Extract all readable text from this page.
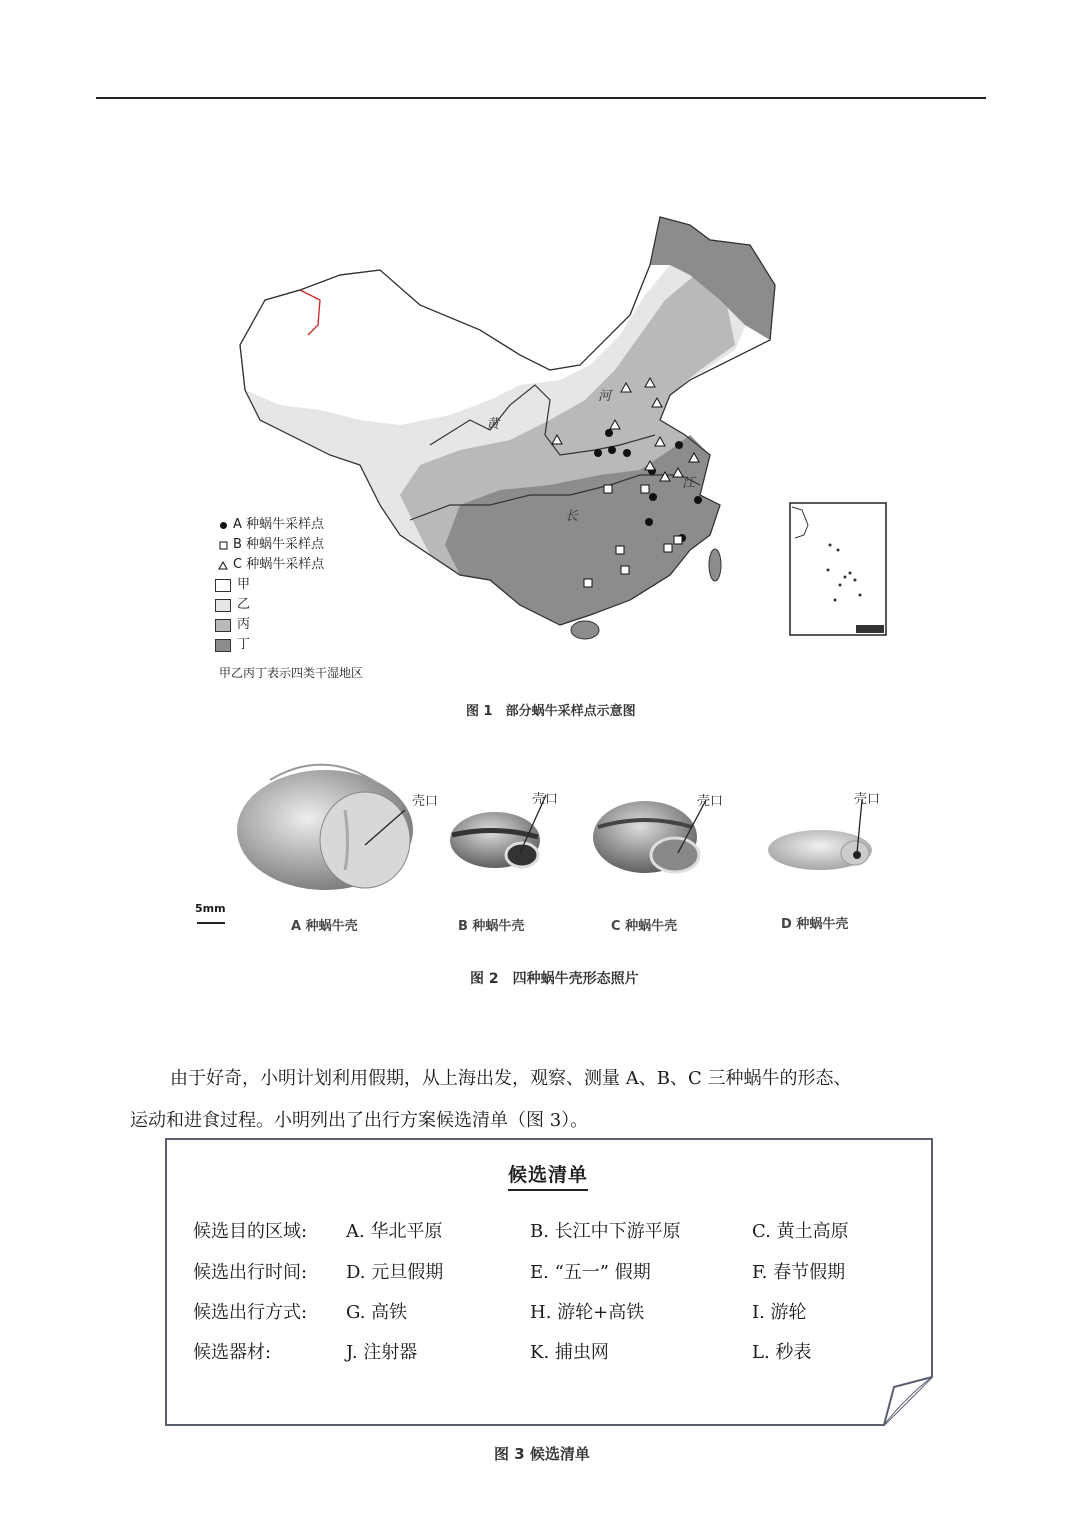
黄
河
长
江
A 种蜗牛采样点
B 种蜗牛采样点
C 种蜗牛采样点
甲
乙
丙
丁
甲乙丙丁表示四类干湿地区
图 1　部分蜗牛采样点示意图
壳口	壳口	壳口	壳口
5mm
A 种蜗牛壳	B 种蜗牛壳	C 种蜗牛壳	D 种蜗牛壳
图 2　四种蜗牛壳形态照片

由于好奇，小明计划利用假期，从上海出发，观察、测量 A、B、C 三种蜗牛的形态、

运动和进食过程。小明列出了出行方案候选清单（图 3）。

候选清单
候选目的区域: A. 华北平原	B. 长江中下游平原	C. 黄土高原
候选出行时间: D. 元旦假期	E. “五一” 假期	F. 春节假期
候选出行方式: G. 高铁	H. 游轮+高铁	I. 游轮
候选器材:	J. 注射器	K. 捕虫网	L. 秒表
图 3 候选清单
